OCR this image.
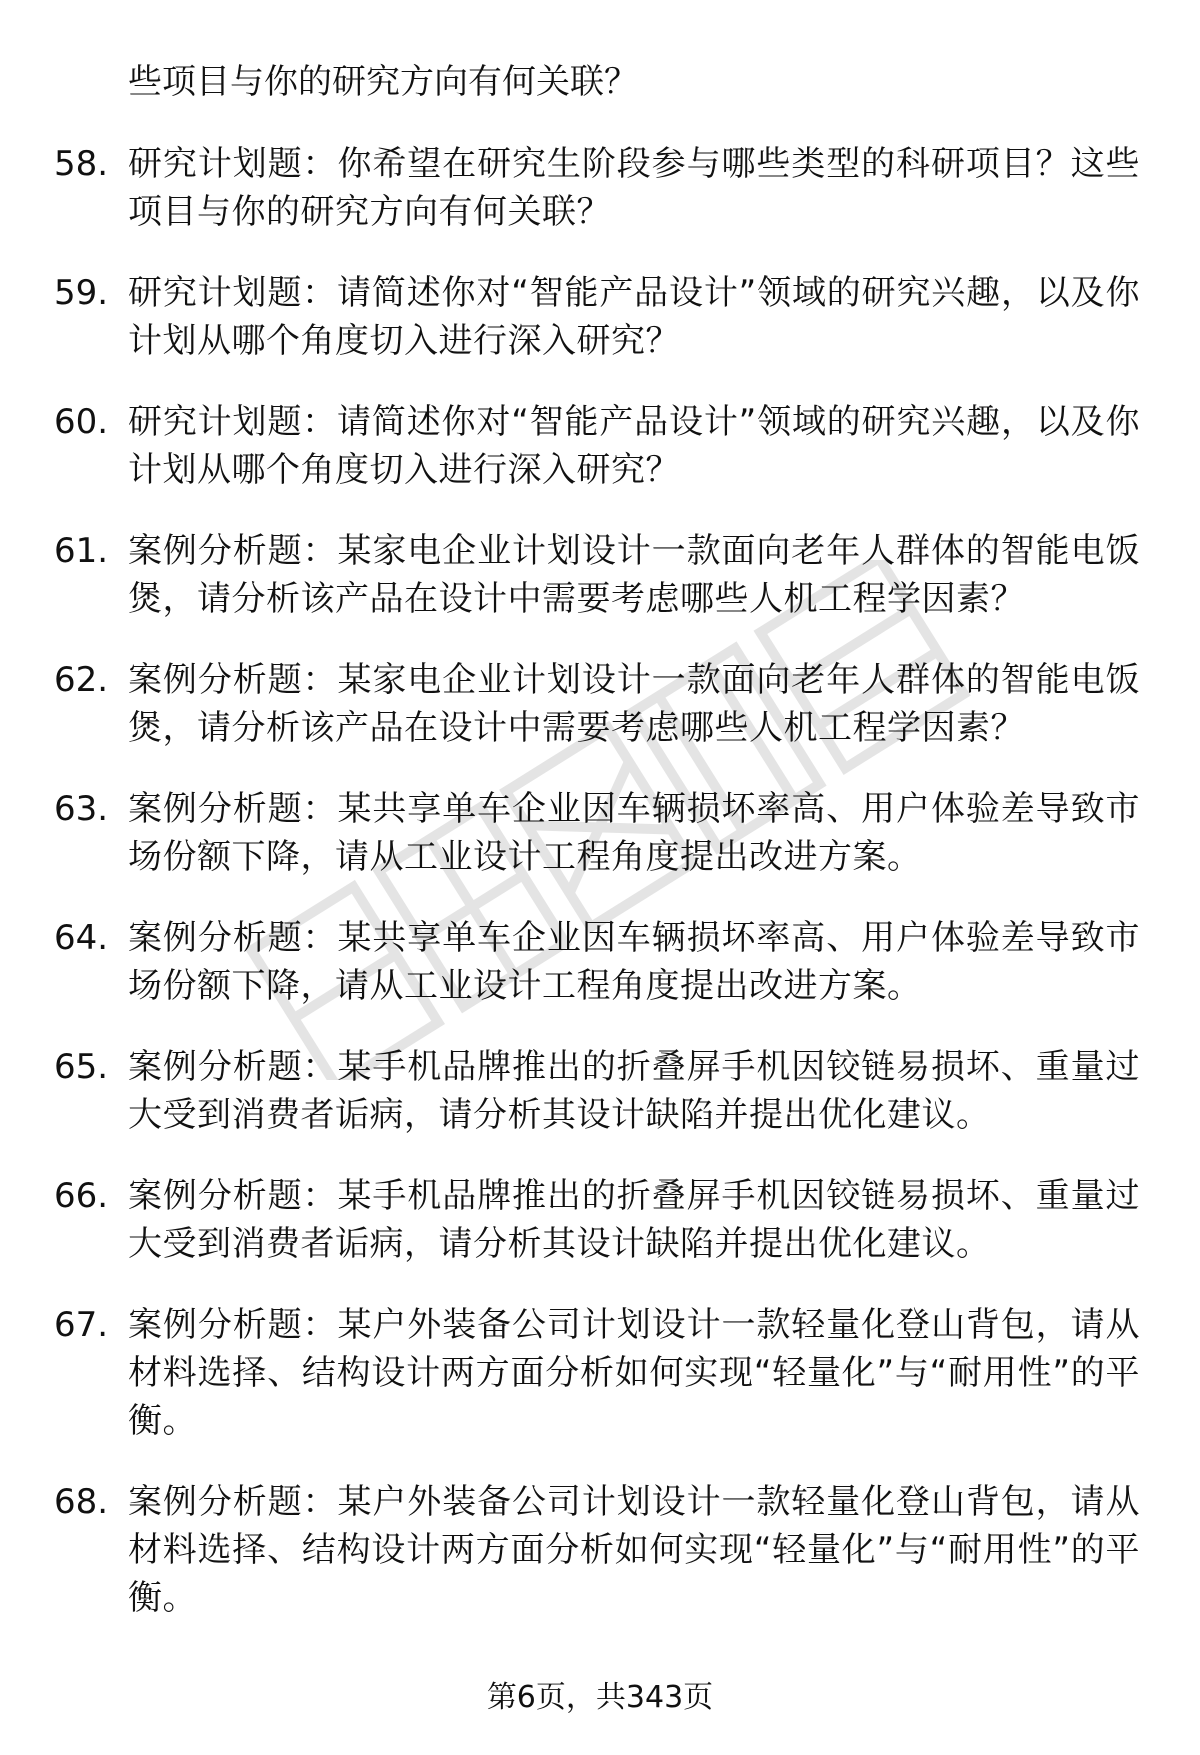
些项目与你的研究方向有何关联？
58. 研究计划题：你希望在研究生阶段参与哪些类型的科研项目？这些项目与你的研究方向有何关联？
59. 研究计划题：请简述你对“智能产品设计”领域的研究兴趣，以及你计划从哪个角度切入进行深入研究？
60. 研究计划题：请简述你对“智能产品设计”领域的研究兴趣，以及你计划从哪个角度切入进行深入研究？
61. 案例分析题：某家电企业计划设计一款面向老年人群体的智能电饭煲，请分析该产品在设计中需要考虑哪些人机工程学因素？
62. 案例分析题：某家电企业计划设计一款面向老年人群体的智能电饭煲，请分析该产品在设计中需要考虑哪些人机工程学因素？
63. 案例分析题：某共享单车企业因车辆损坏率高、用户体验差导致市场份额下降，请从工业设计工程角度提出改进方案。
64. 案例分析题：某共享单车企业因车辆损坏率高、用户体验差导致市场份额下降，请从工业设计工程角度提出改进方案。
65. 案例分析题：某手机品牌推出的折叠屏手机因铰链易损坏、重量过大受到消费者诟病，请分析其设计缺陷并提出优化建议。
66. 案例分析题：某手机品牌推出的折叠屏手机因铰链易损坏、重量过大受到消费者诟病，请分析其设计缺陷并提出优化建议。
67. 案例分析题：某户外装备公司计划设计一款轻量化登山背包，请从材料选择、结构设计两方面分析如何实现“轻量化”与“耐用性”的平衡。
68. 案例分析题：某户外装备公司计划设计一款轻量化登山背包，请从材料选择、结构设计两方面分析如何实现“轻量化”与“耐用性”的平衡。
第6页，共343页
